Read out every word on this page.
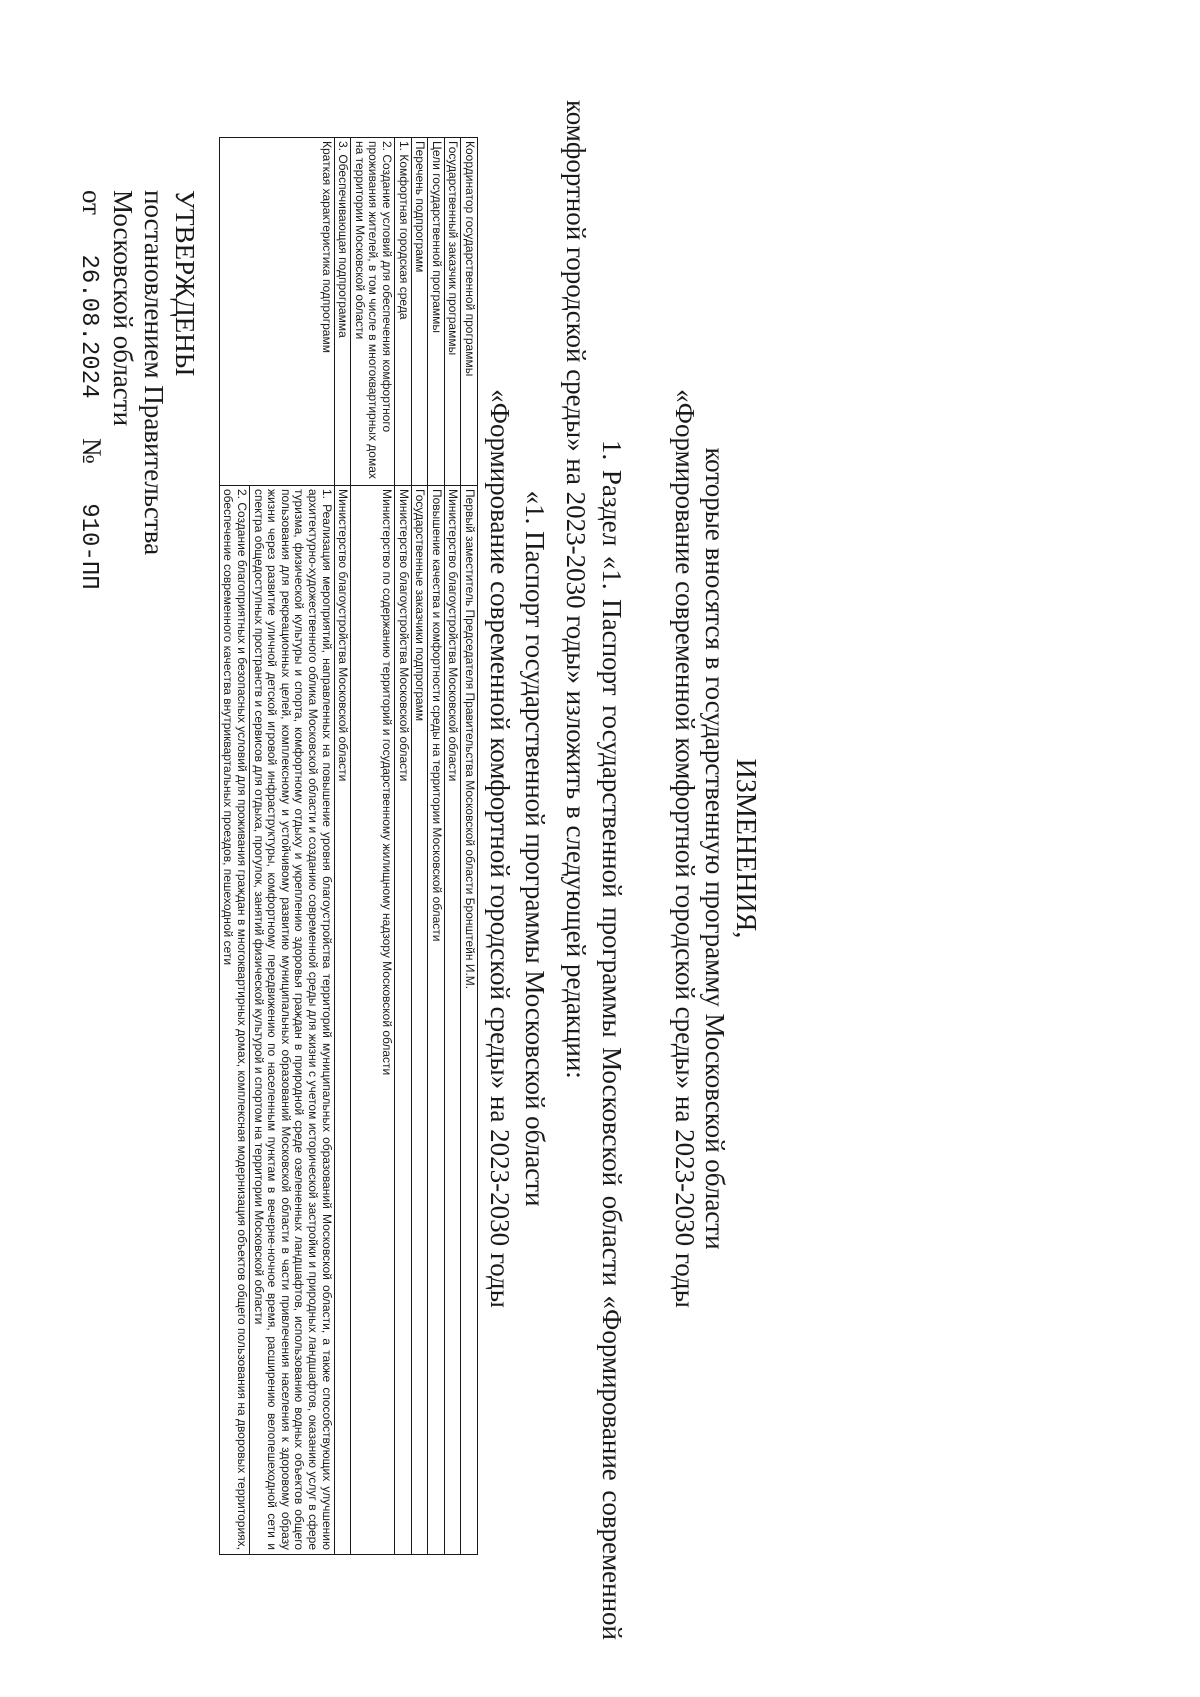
УТВЕРЖДЕНЫ
постановлением Правительства
Московской области
от  26.08.2024  №  910-ПП
ИЗМЕНЕНИЯ,
которые вносятся в государственную программу Московской области
«Формирование современной комфортной городской среды» на 2023-2030 годы

1. Раздел «1. Паспорт государственной программы Московской области «Формирование современной комфортной городской среды» на 2023-2030 годы» изложить в следующей редакции:

«1. Паспорт государственной программы Московской области
«Формирование современной комфортной городской среды» на 2023-2030 годы
Координатор государственной программы	Первый заместитель Председателя Правительства Московской области Бронштейн И.М.
Государственный заказчик программы	Министерство благоустройства Московской области
Цели государственной программы	Повышение качества и комфортности среды на территории Московской области
Перечень подпрограмм	Государственные заказчики подпрограмм
1. Комфортная городская среда	Министерство благоустройства Московской области
2. Создание условий для обеспечения комфортного проживания жителей, в том числе в многоквартирных домах на территории Московской области	Министерство по содержанию территорий и государственному жилищному надзору Московской области
3. Обеспечивающая подпрограмма	Министерство благоустройства Московской области
Краткая характеристика подпрограмм	1. Реализация мероприятий, направленных на повышение уровня благоустройства территорий муниципальных образований Московской области, а также способствующих улучшению архитектурно-художественного облика Московской области и созданию современной среды для жизни с учетом исторической застройки и природных ландшафтов, оказанию услуг в сфере туризма, физической культуры и спорта, комфортному отдыху и укреплению здоровья граждан в природной среде озелененных ландшафтов, использованию водных объектов общего пользования для рекреационных целей, комплексному и устойчивому развитию муниципальных образований Московской области в части привлечения населения к здоровому образу жизни через развитие уличной детской игровой инфраструктуры, комфортному передвижению по населенным пунктам в вечерне-ночное время, расширению велопешеходной сети и спектра общедоступных пространств и сервисов для отдыха, прогулок, занятий физической культурой и спортом на территории Московской области

2. Создание благоприятных и безопасных условий для проживания граждан в многоквартирных домах, комплексная модернизация объектов общего пользования на дворовых территориях, обеспечение современного качества внутриквартальных проездов, пешеходной сети
